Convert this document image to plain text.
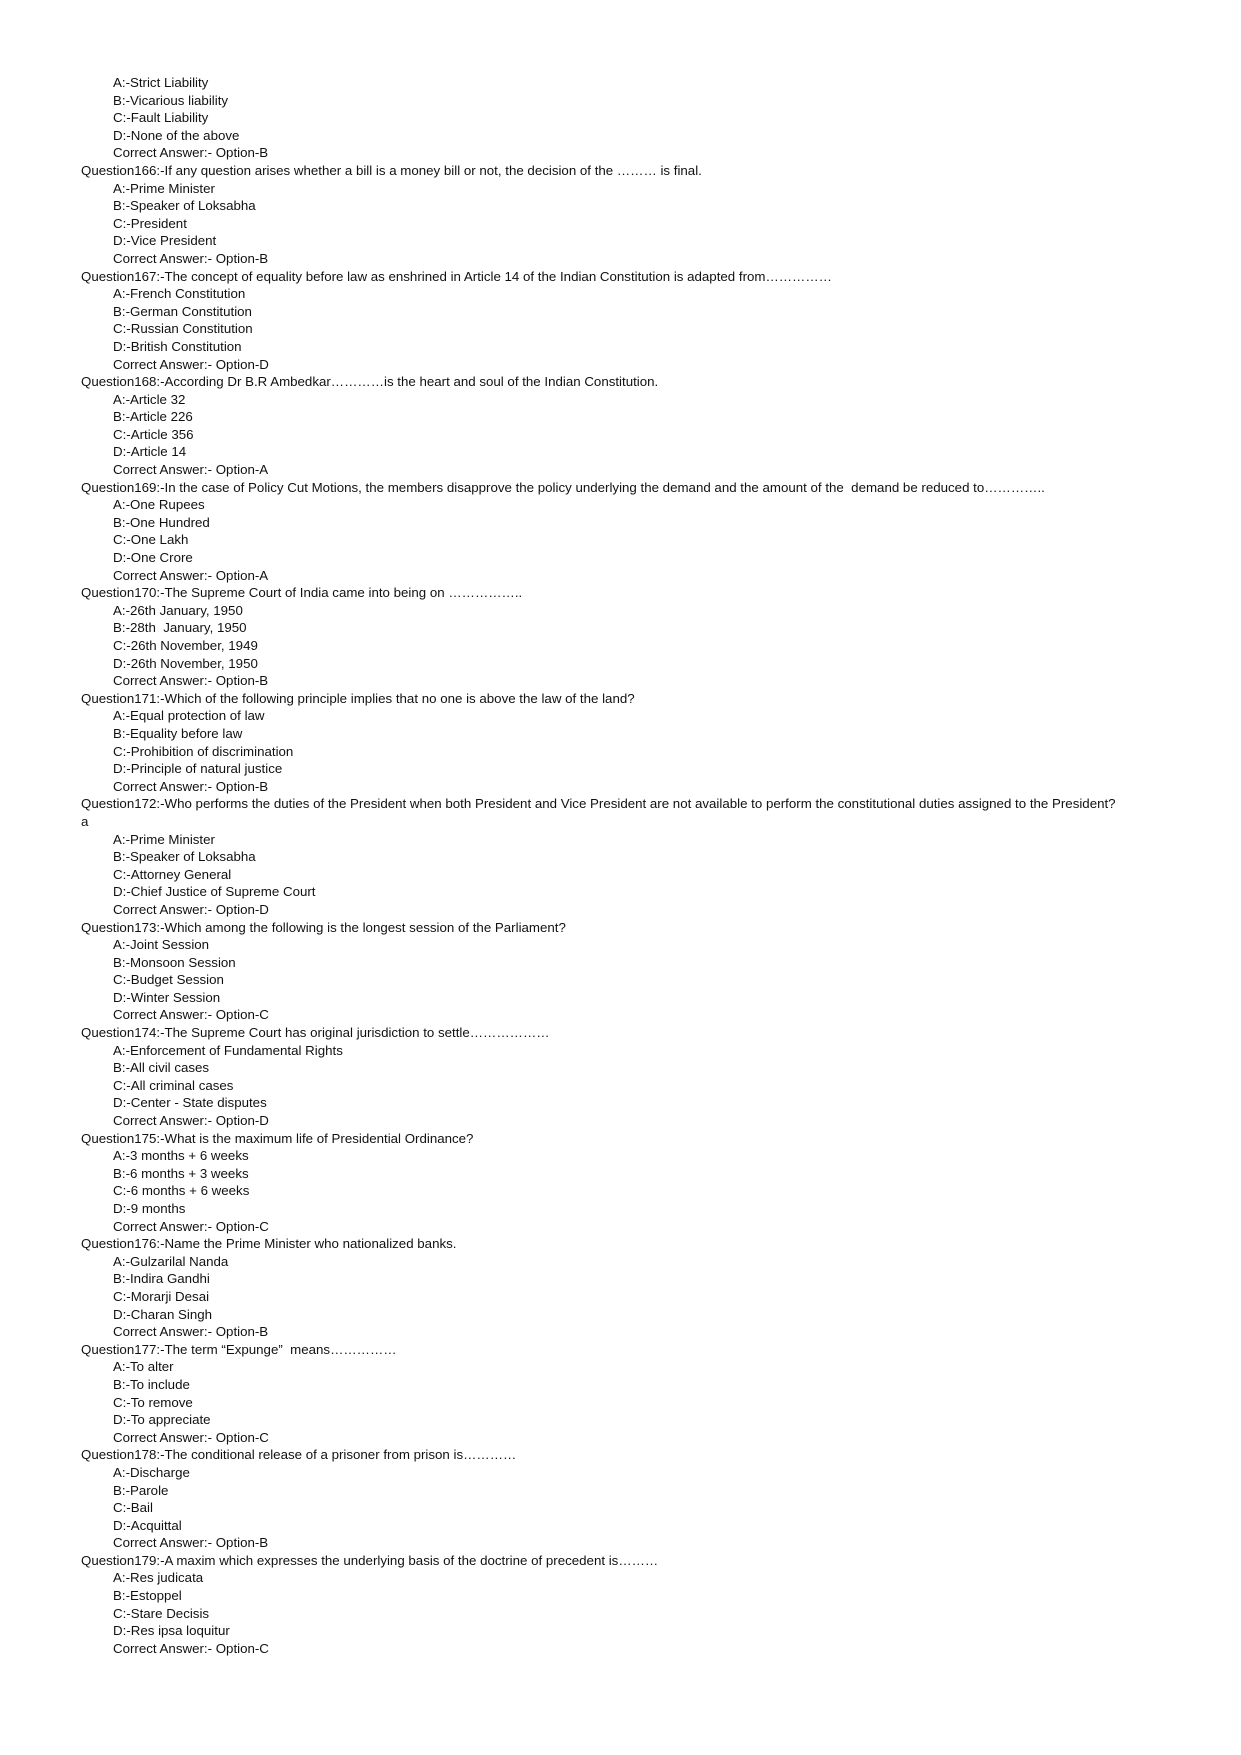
A:-Strict Liability
B:-Vicarious liability
C:-Fault Liability
D:-None of the above
Correct Answer:- Option-B
Question166:-If any question arises whether a bill is a money bill or not, the decision of the ……… is final.
A:-Prime Minister
B:-Speaker of Loksabha
C:-President
D:-Vice President
Correct Answer:- Option-B
Question167:-The concept of equality before law as enshrined in Article 14 of the Indian Constitution is adapted from……………
A:-French Constitution
B:-German Constitution
C:-Russian Constitution
D:-British Constitution
Correct Answer:- Option-D
Question168:-According Dr B.R Ambedkar…………is the heart and soul of the Indian Constitution.
A:-Article 32
B:-Article 226
C:-Article 356
D:-Article 14
Correct Answer:- Option-A
Question169:-In the case of Policy Cut Motions, the members disapprove the policy underlying the demand and the amount of the  demand be reduced to…………..
A:-One Rupees
B:-One Hundred
C:-One Lakh
D:-One Crore
Correct Answer:- Option-A
Question170:-The Supreme Court of India came into being on ……………..
A:-26th January, 1950
B:-28th  January, 1950
C:-26th November, 1949
D:-26th November, 1950
Correct Answer:- Option-B
Question171:-Which of the following principle implies that no one is above the law of the land?
A:-Equal protection of law
B:-Equality before law
C:-Prohibition of discrimination
D:-Principle of natural justice
Correct Answer:- Option-B
Question172:-Who performs the duties of the President when both President and Vice President are not available to perform the constitutional duties assigned to the President? a
A:-Prime Minister
B:-Speaker of Loksabha
C:-Attorney General
D:-Chief Justice of Supreme Court
Correct Answer:- Option-D
Question173:-Which among the following is the longest session of the Parliament?
A:-Joint Session
B:-Monsoon Session
C:-Budget Session
D:-Winter Session
Correct Answer:- Option-C
Question174:-The Supreme Court has original jurisdiction to settle………………
A:-Enforcement of Fundamental Rights
B:-All civil cases
C:-All criminal cases
D:-Center - State disputes
Correct Answer:- Option-D
Question175:-What is the maximum life of Presidential Ordinance?
A:-3 months + 6 weeks
B:-6 months + 3 weeks
C:-6 months + 6 weeks
D:-9 months
Correct Answer:- Option-C
Question176:-Name the Prime Minister who nationalized banks.
A:-Gulzarilal Nanda
B:-Indira Gandhi
C:-Morarji Desai
D:-Charan Singh
Correct Answer:- Option-B
Question177:-The term “Expunge”  means……………
A:-To alter
B:-To include
C:-To remove
D:-To appreciate
Correct Answer:- Option-C
Question178:-The conditional release of a prisoner from prison is…………
A:-Discharge
B:-Parole
C:-Bail
D:-Acquittal
Correct Answer:- Option-B
Question179:-A maxim which expresses the underlying basis of the doctrine of precedent is………
A:-Res judicata
B:-Estoppel
C:-Stare Decisis
D:-Res ipsa loquitur
Correct Answer:- Option-C
